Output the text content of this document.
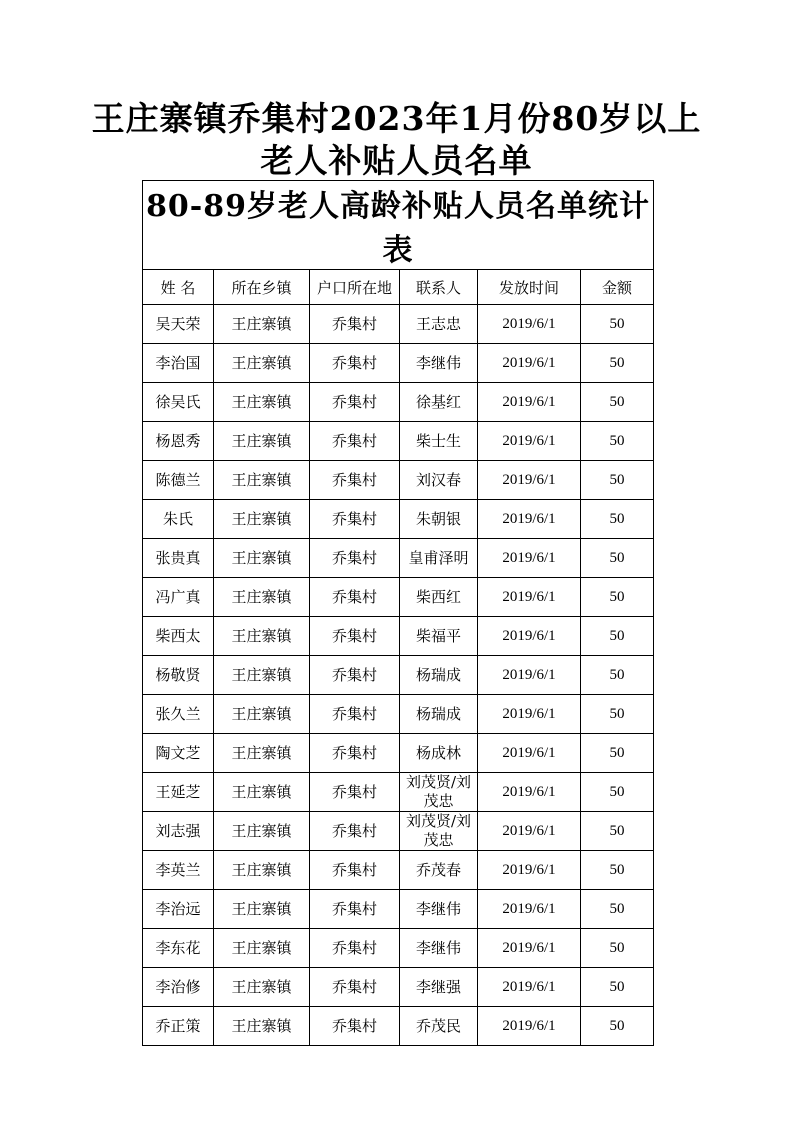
王庄寨镇乔集村2023年1月份80岁以上
老人补贴人员名单
80-89岁老人高龄补贴人员名单统计表					
姓 名	所在乡镇	户口所在地	联系人	发放时间	金额
吴天荣	王庄寨镇	乔集村	王志忠	2019/6/1	50
李治国	王庄寨镇	乔集村	李继伟	2019/6/1	50
徐吴氏	王庄寨镇	乔集村	徐基红	2019/6/1	50
杨恩秀	王庄寨镇	乔集村	柴士生	2019/6/1	50
陈德兰	王庄寨镇	乔集村	刘汉春	2019/6/1	50
朱氏	王庄寨镇	乔集村	朱朝银	2019/6/1	50
张贵真	王庄寨镇	乔集村	皇甫泽明	2019/6/1	50
冯广真	王庄寨镇	乔集村	柴西红	2019/6/1	50
柴西太	王庄寨镇	乔集村	柴福平	2019/6/1	50
杨敬贤	王庄寨镇	乔集村	杨瑞成	2019/6/1	50
张久兰	王庄寨镇	乔集村	杨瑞成	2019/6/1	50
陶文芝	王庄寨镇	乔集村	杨成林	2019/6/1	50
王延芝	王庄寨镇	乔集村	刘茂贤/刘茂忠	2019/6/1	50
刘志强	王庄寨镇	乔集村	刘茂贤/刘茂忠	2019/6/1	50
李英兰	王庄寨镇	乔集村	乔茂春	2019/6/1	50
李治远	王庄寨镇	乔集村	李继伟	2019/6/1	50
李东花	王庄寨镇	乔集村	李继伟	2019/6/1	50
李治修	王庄寨镇	乔集村	李继强	2019/6/1	50
乔正策	王庄寨镇	乔集村	乔茂民	2019/6/1	50
